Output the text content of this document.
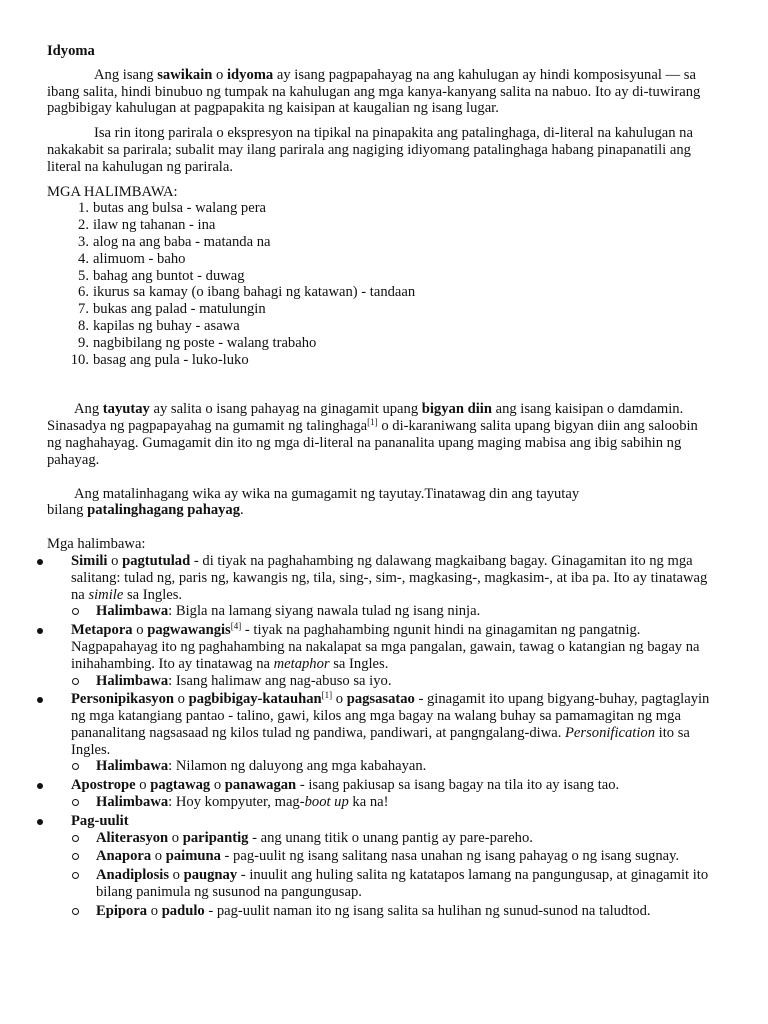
Idyoma

Ang isang sawikain o idyoma ay isang pagpapahayag na ang kahulugan ay hindi komposisyunal — sa ibang salita, hindi binubuo ng tumpak na kahulugan ang mga kanya-kanyang salita na nabuo. Ito ay di-tuwirang pagbibigay kahulugan at pagpapakita ng kaisipan at kaugalian ng isang lugar.

Isa rin itong parirala o ekspresyon na tipikal na pinapakita ang patalinghaga, di-literal na kahulugan na nakakabit sa parirala; subalit may ilang parirala ang nagiging idiyomang patalinghaga habang pinapanatili ang literal na kahulugan ng parirala.

MGA HALIMBAWA:

1. butas ang bulsa - walang pera
2. ilaw ng tahanan - ina
3. alog na ang baba - matanda na
4. alimuom - baho
5. bahag ang buntot - duwag
6. ikurus sa kamay (o ibang bahagi ng katawan) - tandaan
7. bukas ang palad - matulungin
8. kapilas ng buhay - asawa
9. nagbibilang ng poste - walang trabaho
10. basag ang pula - luko-luko

Ang tayutay ay salita o isang pahayag na ginagamit upang bigyan diin ang isang kaisipan o damdamin. Sinasadya ng pagpapayahag na gumamit ng talinghaga[1] o di-karaniwang salita upang bigyan diin ang saloobin ng naghahayag. Gumagamit din ito ng mga di-literal na pananalita upang maging mabisa ang ibig sabihin ng pahayag.

Ang matalinhagang wika ay wika na gumagamit ng tayutay.Tinatawag din ang tayutay
bilang patalinghagang pahayag.

Mga halimbawa:

Simili o pagtutulad - di tiyak na paghahambing ng dalawang magkaibang bagay. Ginagamitan ito ng mga salitang: tulad ng, paris ng, kawangis ng, tila, sing-, sim-, magkasing-, magkasim-, at iba pa. Ito ay tinatawag na simile sa Ingles.
Halimbawa: Bigla na lamang siyang nawala tulad ng isang ninja.
Metapora o pagwawangis[4] - tiyak na paghahambing ngunit hindi na ginagamitan ng pangatnig. Nagpapahayag ito ng paghahambing na nakalapat sa mga pangalan, gawain, tawag o katangian ng bagay na inihahambing. Ito ay tinatawag na metaphor sa Ingles.
Halimbawa: Isang halimaw ang nag-abuso sa iyo.
Personipikasyon o pagbibigay-katauhan[1] o pagsasatao - ginagamit ito upang bigyang-buhay, pagtaglayin ng mga katangiang pantao - talino, gawi, kilos ang mga bagay na walang buhay sa pamamagitan ng mga pananalitang nagsasaad ng kilos tulad ng pandiwa, pandiwari, at pangngalang-diwa. Personification ito sa Ingles.
Halimbawa: Nilamon ng daluyong ang mga kabahayan.
Apostrope o pagtawag o panawagan - isang pakiusap sa isang bagay na tila ito ay isang tao.
Halimbawa: Hoy kompyuter, mag-boot up ka na!
Pag-uulit
Aliterasyon o paripantig - ang unang titik o unang pantig ay pare-pareho.
Anapora o paimuna - pag-uulit ng isang salitang nasa unahan ng isang pahayag o ng isang sugnay.
Anadiplosis o paugnay - inuulit ang huling salita ng katatapos lamang na pangungusap, at ginagamit ito bilang panimula ng susunod na pangungusap.
Epipora o padulo - pag-uulit naman ito ng isang salita sa hulihan ng sunud-sunod na taludtod.
